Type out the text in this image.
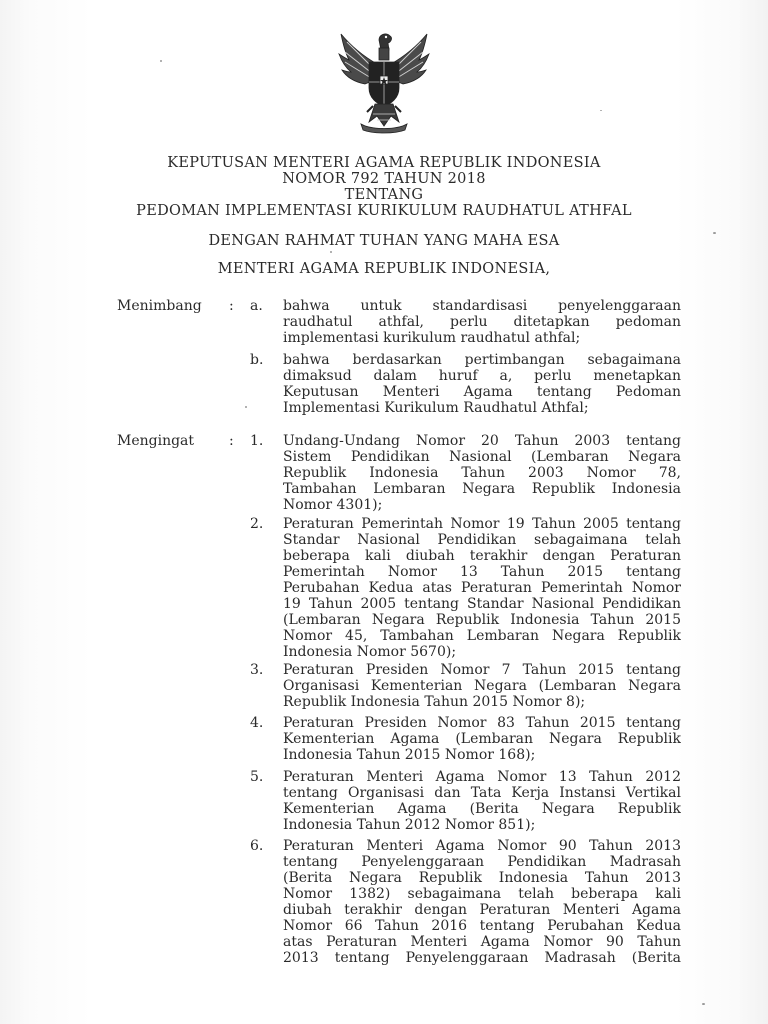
KEPUTUSAN MENTERI AGAMA REPUBLIK INDONESIA
NOMOR 792 TAHUN 2018
TENTANG
PEDOMAN IMPLEMENTASI KURIKULUM RAUDHATUL ATHFAL
DENGAN RAHMAT TUHAN YANG MAHA ESA
MENTERI AGAMA REPUBLIK INDONESIA,
Menimbang : a. bahwa untuk standardisasi penyelenggaraan
raudhatul athfal, perlu ditetapkan pedoman
implementasi kurikulum raudhatul athfal;
b. bahwa berdasarkan pertimbangan sebagaimana
dimaksud dalam huruf a, perlu menetapkan
Keputusan Menteri Agama tentang Pedoman
Implementasi Kurikulum Raudhatul Athfal;
Mengingat : 1. Undang-Undang Nomor 20 Tahun 2003 tentang
Sistem Pendidikan Nasional (Lembaran Negara
Republik Indonesia Tahun 2003 Nomor 78,
Tambahan Lembaran Negara Republik Indonesia
Nomor 4301);
2. Peraturan Pemerintah Nomor 19 Tahun 2005 tentang
Standar Nasional Pendidikan sebagaimana telah
beberapa kali diubah terakhir dengan Peraturan
Pemerintah Nomor 13 Tahun 2015 tentang
Perubahan Kedua atas Peraturan Pemerintah Nomor
19 Tahun 2005 tentang Standar Nasional Pendidikan
(Lembaran Negara Republik Indonesia Tahun 2015
Nomor 45, Tambahan Lembaran Negara Republik
Indonesia Nomor 5670);
3. Peraturan Presiden Nomor 7 Tahun 2015 tentang
Organisasi Kementerian Negara (Lembaran Negara
Republik Indonesia Tahun 2015 Nomor 8);
4. Peraturan Presiden Nomor 83 Tahun 2015 tentang
Kementerian Agama (Lembaran Negara Republik
Indonesia Tahun 2015 Nomor 168);
5. Peraturan Menteri Agama Nomor 13 Tahun 2012
tentang Organisasi dan Tata Kerja Instansi Vertikal
Kementerian Agama (Berita Negara Republik
Indonesia Tahun 2012 Nomor 851);
6. Peraturan Menteri Agama Nomor 90 Tahun 2013
tentang Penyelenggaraan Pendidikan Madrasah
(Berita Negara Republik Indonesia Tahun 2013
Nomor 1382) sebagaimana telah beberapa kali
diubah terakhir dengan Peraturan Menteri Agama
Nomor 66 Tahun 2016 tentang Perubahan Kedua
atas Peraturan Menteri Agama Nomor 90 Tahun
2013 tentang Penyelenggaraan Madrasah (Berita
